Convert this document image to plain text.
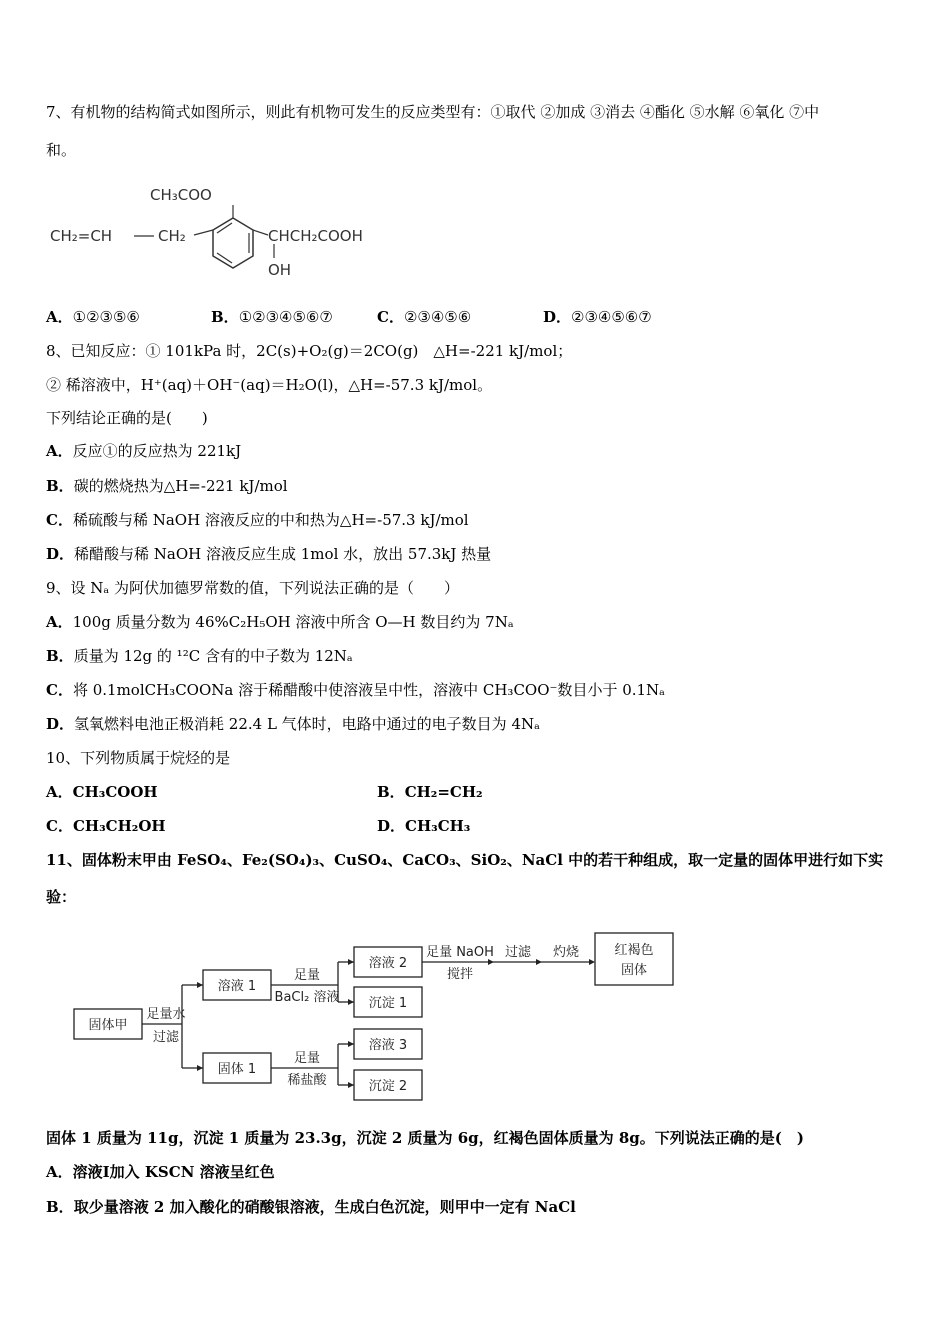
7、有机物的结构简式如图所示，则此有机物可发生的反应类型有：①取代 ②加成 ③消去 ④酯化 ⑤水解 ⑥氧化 ⑦中
和。
CH₃COO
CH₂=CH	CH₂	CHCH₂COOH
OH
A．①②③⑤⑥	B．①②③④⑤⑥⑦	C．②③④⑤⑥	D．②③④⑤⑥⑦
8、已知反应：① 101kPa 时，2C(s)+O₂(g)＝2CO(g)　△H=-221 kJ/mol；
② 稀溶液中，H⁺(aq)＋OH⁻(aq)＝H₂O(l)，△H=-57.3 kJ/mol。
下列结论正确的是(　　)
A．反应①的反应热为 221kJ
B．碳的燃烧热为△H=-221 kJ/mol
C．稀硫酸与稀 NaOH 溶液反应的中和热为△H=-57.3 kJ/mol
D．稀醋酸与稀 NaOH 溶液反应生成 1mol 水，放出 57.3kJ 热量
9、设 Nₐ 为阿伏加德罗常数的值，下列说法正确的是（　　）
A．100g 质量分数为 46%C₂H₅OH 溶液中所含 O—H 数目约为 7Nₐ
B．质量为 12g 的 ¹²C 含有的中子数为 12Nₐ
C．将 0.1molCH₃COONa 溶于稀醋酸中使溶液呈中性，溶液中 CH₃COO⁻数目小于 0.1Nₐ
D．氢氧燃料电池正极消耗 22.4 L 气体时，电路中通过的电子数目为 4Nₐ
10、下列物质属于烷烃的是
A．CH₃COOH	B．CH₂=CH₂
C．CH₃CH₂OH	D．CH₃CH₃
11、固体粉末甲由 FeSO₄、Fe₂(SO₄)₃、CuSO₄、CaCO₃、SiO₂、NaCl 中的若干种组成，取一定量的固体甲进行如下实
验：
固体甲
溶液 1
固体 1
溶液 2
沉淀 1
溶液 3
沉淀 2
红褐色
固体
足量水
过滤
足量
BaCl₂ 溶液
足量
稀盐酸
足量 NaOH
搅拌
过滤 灼烧
固体 1 质量为 11g，沉淀 1 质量为 23.3g，沉淀 2 质量为 6g，红褐色固体质量为 8g。下列说法正确的是(　)
A．溶液Ⅰ加入 KSCN 溶液呈红色
B．取少量溶液 2 加入酸化的硝酸银溶液，生成白色沉淀，则甲中一定有 NaCl
